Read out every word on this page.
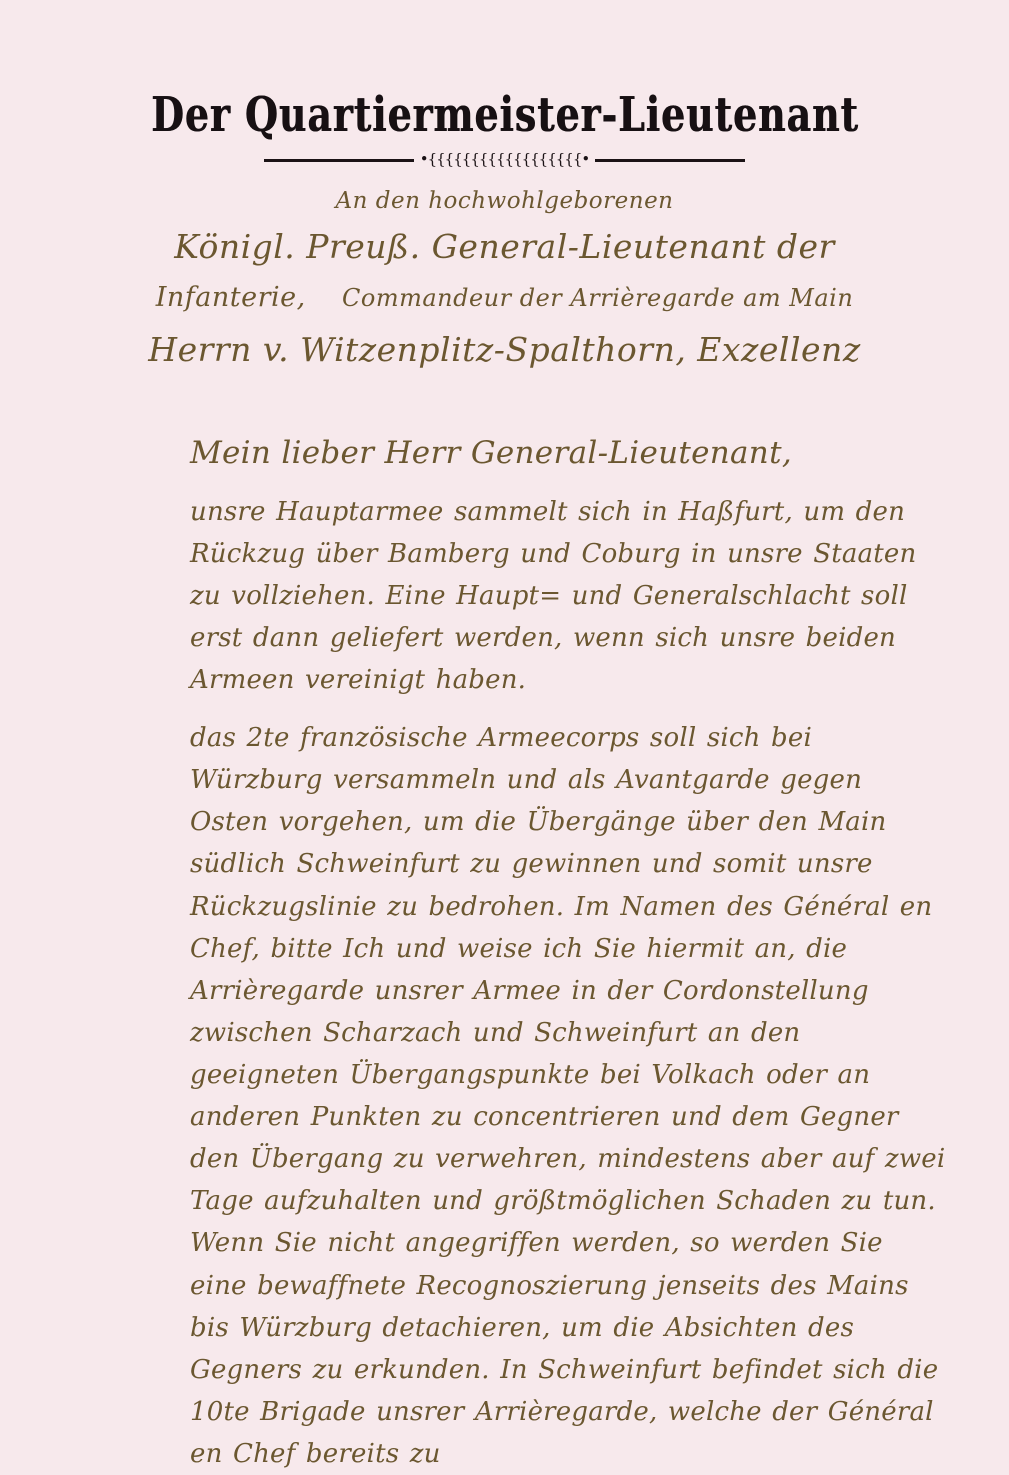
Der Quartiermeister-Lieutenant
•{{{{{{{{{{{{{{{{{{•
An den hochwohlgeborenen
Königl. Preuß. General-Lieutenant der
Infanterie, Commandeur der Arrièregarde am Main
Herrn v. Witzenplitz-Spalthorn, Exzellenz
Mein lieber Herr General-Lieutenant,
unsre Hauptarmee sammelt sich in Haßfurt, um den Rückzug über Bamberg und Coburg in unsre Staaten zu vollziehen. Eine Haupt= und Generalschlacht soll erst dann geliefert werden, wenn sich unsre beiden Armeen vereinigt haben.
das 2te französische Armeecorps soll sich bei Würzburg versammeln und als Avantgarde gegen Osten vorgehen, um die Übergänge über den Main südlich Schweinfurt zu gewinnen und somit unsre Rückzugslinie zu bedrohen. Im Namen des Général en Chef, bitte Ich und weise ich Sie hiermit an, die Arrièregarde unsrer Armee in der Cordonstellung zwischen Scharzach und Schweinfurt an den geeigneten Übergangspunkte bei Volkach oder an anderen Punkten zu concentrieren und dem Gegner den Übergang zu verwehren, mindestens aber auf zwei Tage aufzuhalten und größtmöglichen Schaden zu tun. Wenn Sie nicht angegriffen werden, so werden Sie eine bewaffnete Recognoszierung jenseits des Mains bis Würzburg detachieren, um die Absichten des Gegners zu erkunden. In Schweinfurt befindet sich die 10te Brigade unsrer Arrièregarde, welche der Général en Chef bereits zu
